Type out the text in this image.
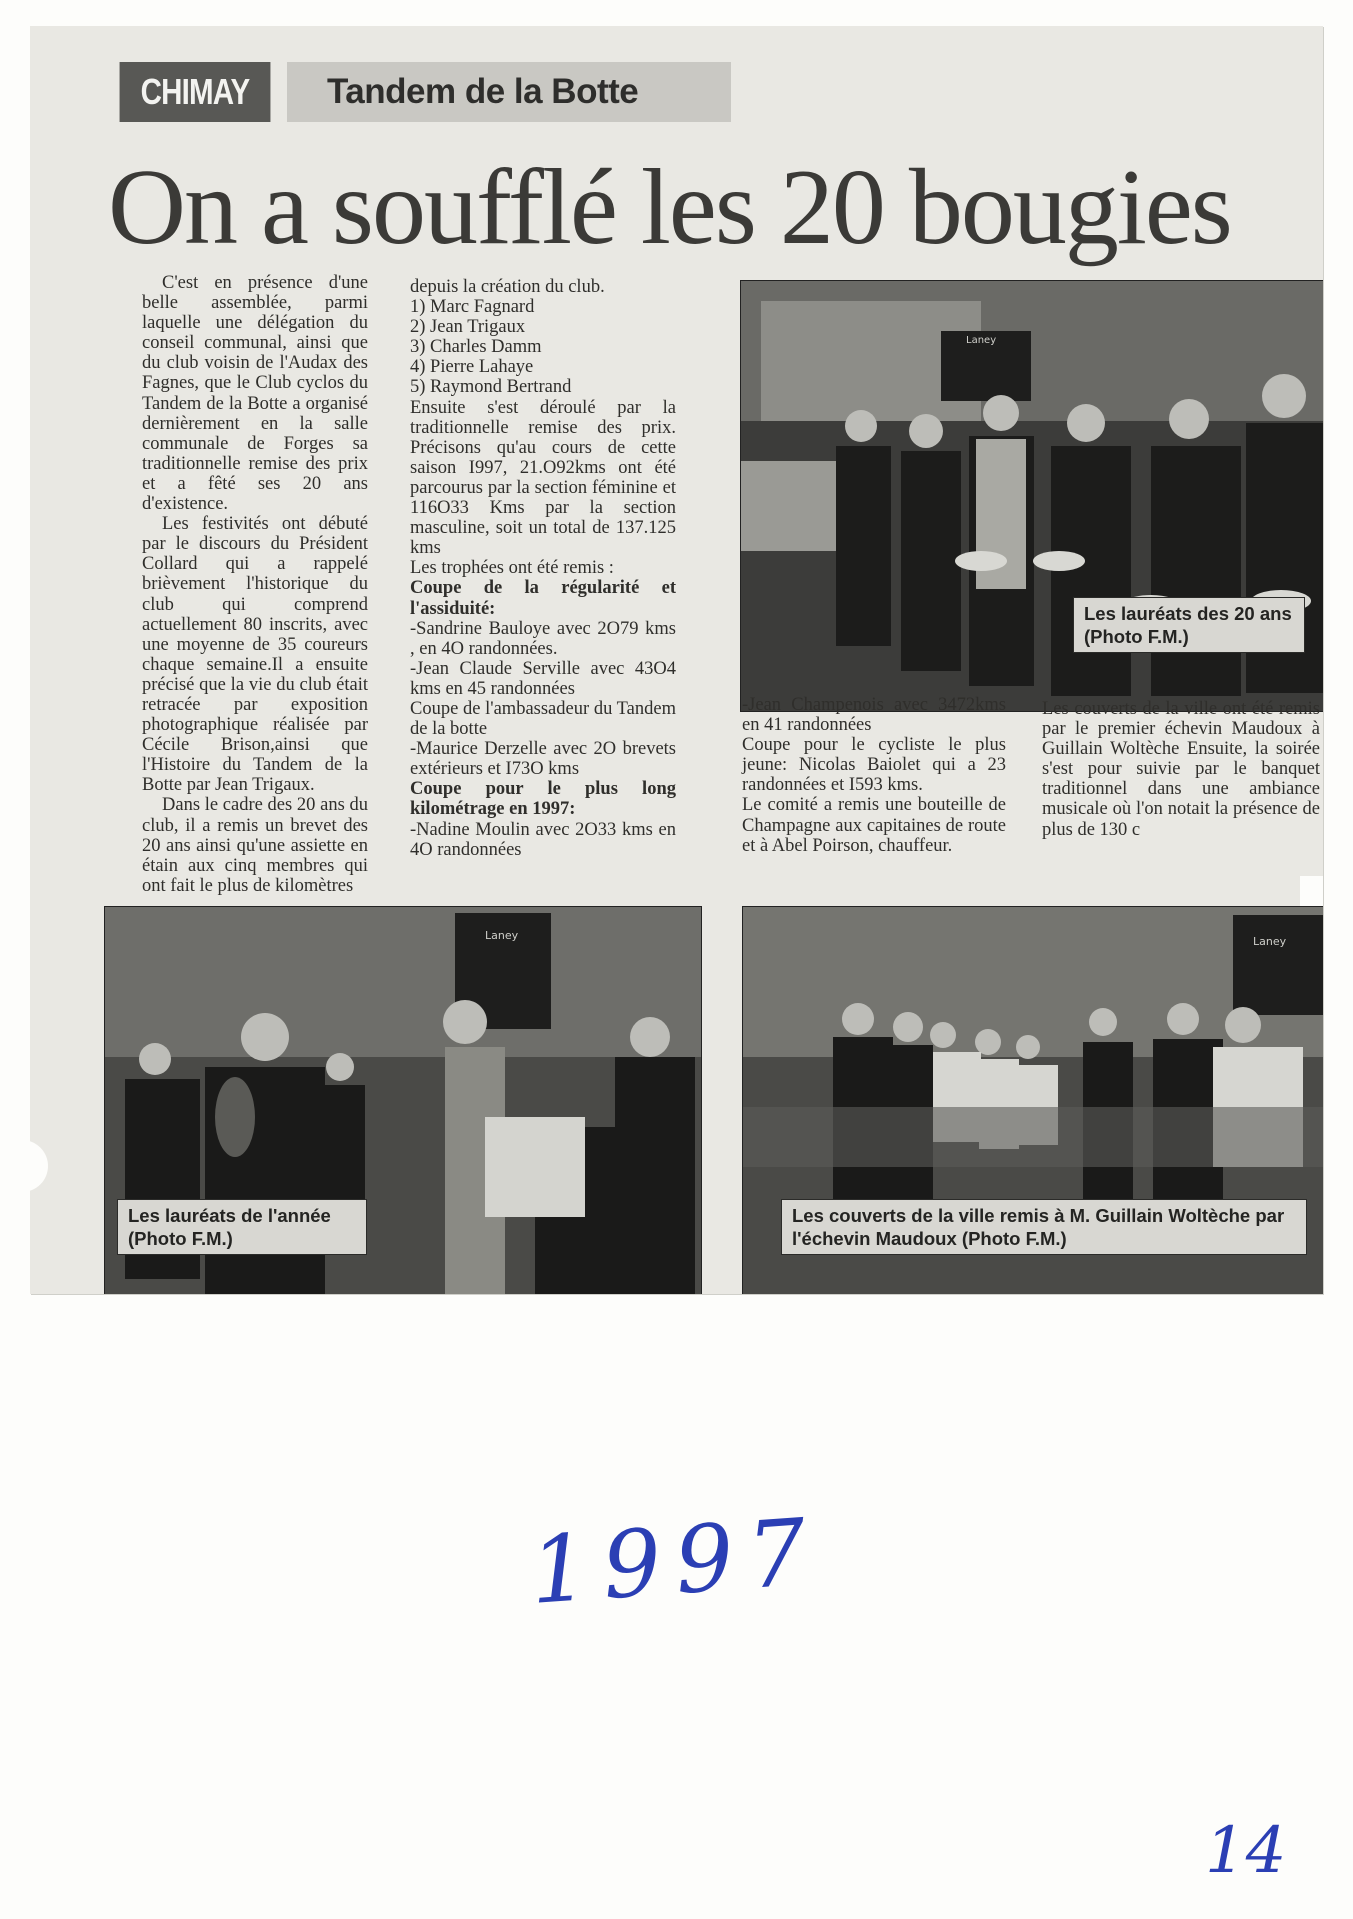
CHIMAY	Tandem de la Botte
On a soufflé les 20 bougies

C'est en présence d'une belle assemblée, parmi laquelle une délégation du conseil communal, ainsi que du club voisin de l'Audax des Fagnes, que le Club cyclos du Tandem de la Botte a organisé dernièrement en la salle communale de Forges sa traditionnelle remise des prix et a fêté ses 20 ans d'existence.

Les festivités ont débuté par le discours du Président Collard qui a rappelé brièvement l'historique du club qui comprend actuellement 80 inscrits, avec une moyenne de 35 coureurs chaque semaine.Il a ensuite précisé que la vie du club était retracée par exposition photographique réalisée par Cécile Brison,ainsi que l'Histoire du Tandem de la Botte par Jean Trigaux.

Dans le cadre des 20 ans du club, il a remis un brevet des 20 ans ainsi qu'une assiette en étain aux cinq membres qui ont fait le plus de kilomètres

depuis la création du club.

1) Marc Fagnard

2) Jean Trigaux

3) Charles Damm

4) Pierre Lahaye

5) Raymond Bertrand

Ensuite s'est déroulé par la traditionnelle remise des prix. Précisons qu'au cours de cette saison I997, 21.O92kms ont été parcourus par la section féminine et 116O33 Kms par la section masculine, soit un total de 137.125 kms

Les trophées ont été remis :

Coupe de la régularité et l'assiduité:

-Sandrine Bauloye avec 2O79 kms , en 4O randonnées.

-Jean Claude Serville avec 43O4 kms en 45 randonnées

Coupe de l'ambassadeur du Tandem de la botte

-Maurice Derzelle avec 2O brevets extérieurs et I73O kms

Coupe pour le plus long kilométrage en 1997:

-Nadine Moulin avec 2O33 kms en 4O randonnées

Laney
Les lauréats des 20 ans (Photo F.M.)

-Jean Champenois avec 3472kms en 41 randonnées

Coupe pour le cycliste le plus jeune: Nicolas Baiolet qui a 23 randonnées et I593 kms.

Le comité a remis une bouteille de Champagne aux capitaines de route et à Abel Poirson, chauffeur.

Les couverts de la ville ont été remis par le premier échevin Maudoux à Guillain Woltèche Ensuite, la soirée s'est pour suivie par le banquet traditionnel dans une ambiance musicale où l'on notait la présence de plus de 130 c

Laney
Les lauréats de l'année (Photo F.M.)
Laney
Les couverts de la ville remis à M. Guillain Woltèche par l'échevin Maudoux (Photo F.M.)
1997
14
